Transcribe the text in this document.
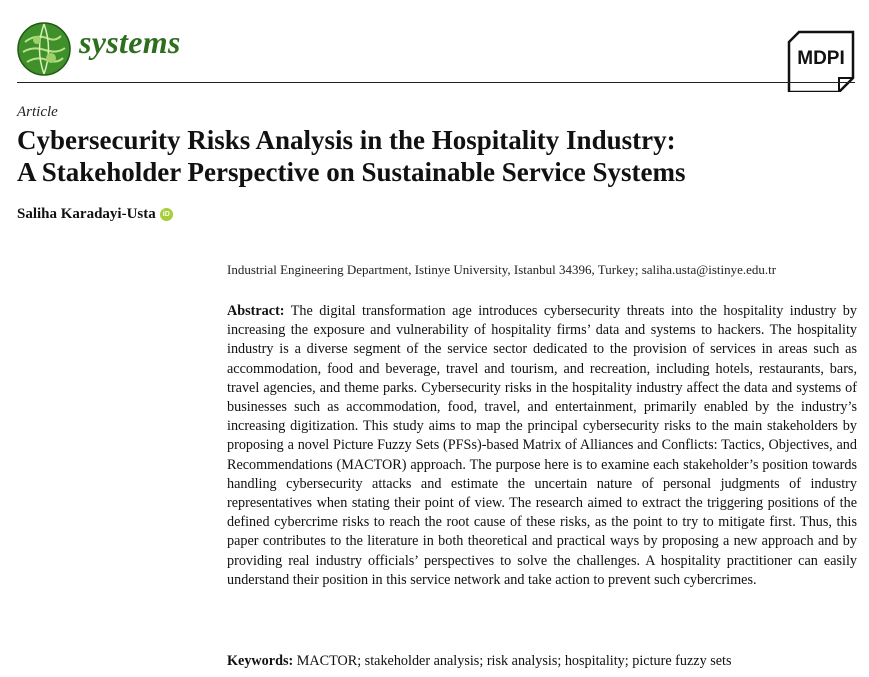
systems	MDPI
Article
Cybersecurity Risks Analysis in the Hospitality Industry:
A Stakeholder Perspective on Sustainable Service Systems
Saliha Karadayi-Usta iD
Industrial Engineering Department, Istinye University, Istanbul 34396, Turkey; saliha.usta@istinye.edu.tr
Abstract: The digital transformation age introduces cybersecurity threats into the hospitality industry by increasing the exposure and vulnerability of hospitality firms’ data and systems to hackers. The hospitality industry is a diverse segment of the service sector dedicated to the provision of services in areas such as accommodation, food and beverage, travel and tourism, and recreation, including hotels, restaurants, bars, travel agencies, and theme parks. Cybersecurity risks in the hospitality industry affect the data and systems of businesses such as accommodation, food, travel, and entertainment, primarily enabled by the industry’s increasing digitization. This study aims to map the principal cybersecurity risks to the main stakeholders by proposing a novel Picture Fuzzy Sets (PFSs)-based Matrix of Alliances and Conflicts: Tactics, Objectives, and Recommendations (MACTOR) approach. The purpose here is to examine each stakeholder’s position towards handling cybersecurity attacks and estimate the uncertain nature of personal judgments of industry representatives when stating their point of view. The research aimed to extract the triggering positions of the defined cybercrime risks to reach the root cause of these risks, as the point to try to mitigate first. Thus, this paper contributes to the literature in both theoretical and practical ways by proposing a new approach and by providing real industry officials’ perspectives to solve the challenges. A hospitality practitioner can easily understand their position in this service network and take action to prevent such cybercrimes.
Keywords: MACTOR; stakeholder analysis; risk analysis; hospitality; picture fuzzy sets
